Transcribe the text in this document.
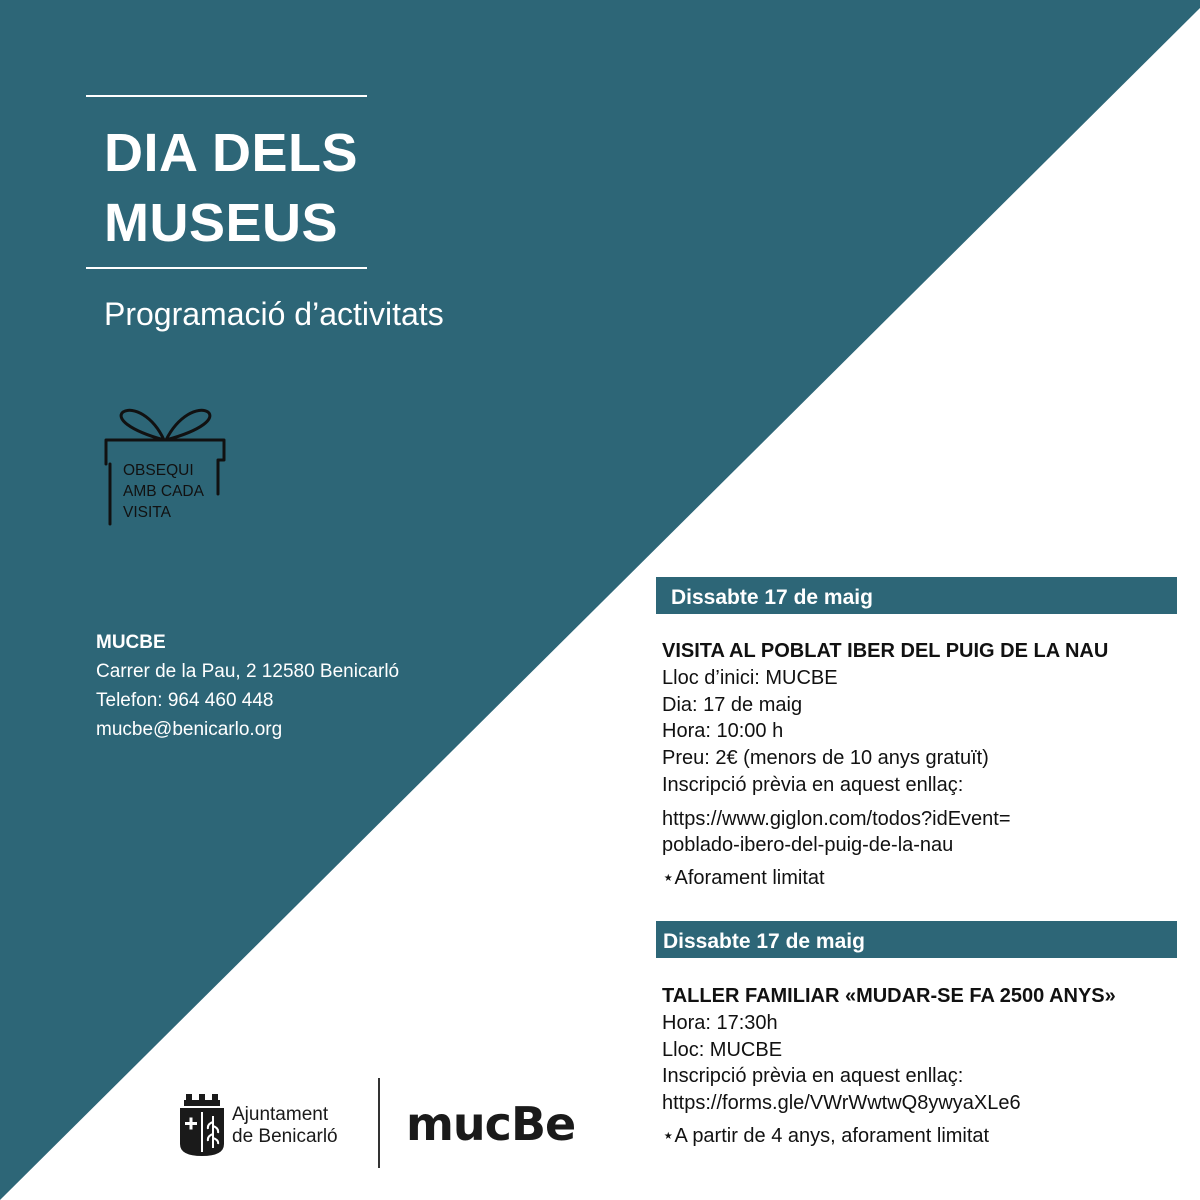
DIA DELS
MUSEUS
Programació d’activitats
OBSEQUI
AMB CADA
VISITA
MUCBE
Carrer de la Pau, 2 12580 Benicarló
Telefon: 964 460 448
mucbe@benicarlo.org
Dissabte 17 de maig
VISITA AL POBLAT IBER DEL PUIG DE LA NAU
Lloc d’inici: MUCBE
Dia: 17 de maig
Hora: 10:00 h
Preu: 2€ (menors de 10 anys gratuït)
Inscripció prèvia en aquest enllaç:
https://www.giglon.com/todos?idEvent=
poblado-ibero-del-puig-de-la-nau
⋆Aforament limitat
Dissabte 17 de maig
TALLER FAMILIAR «MUDAR-SE FA 2500 ANYS»
Hora: 17:30h
Lloc: MUCBE
Inscripció prèvia en aquest enllaç:
https://forms.gle/VWrWwtwQ8ywyaXLe6
⋆A partir de 4 anys, aforament limitat
Ajuntament
de Benicarló mucBe
